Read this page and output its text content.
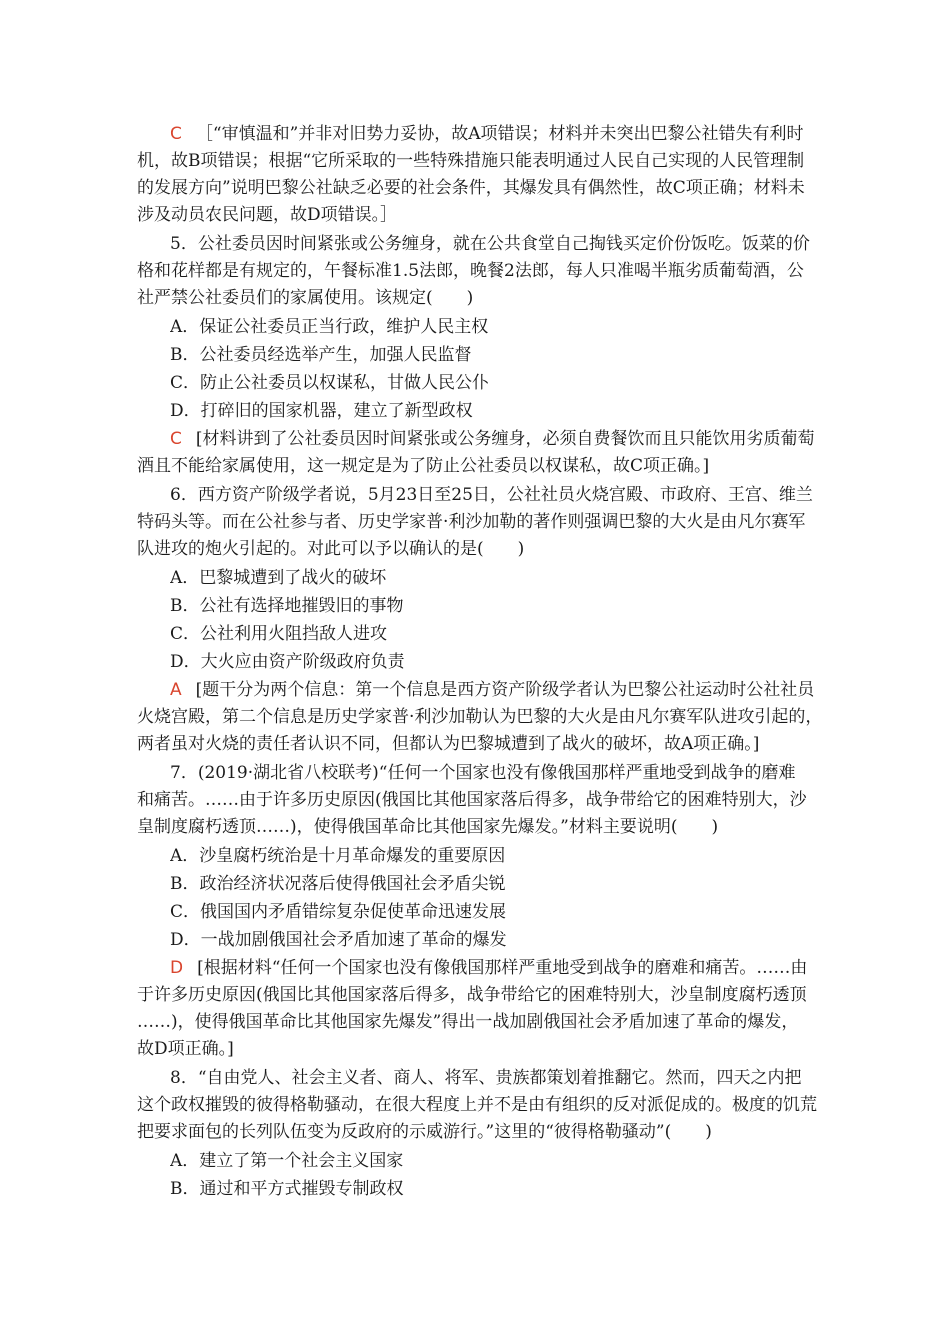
C ［“审慎温和”并非对旧势力妥协，故A项错误；材料并未突出巴黎公社错失有利时
机，故B项错误；根据“它所采取的一些特殊措施只能表明通过人民自己实现的人民管理制
的发展方向”说明巴黎公社缺乏必要的社会条件，其爆发具有偶然性，故C项正确；材料未
涉及动员农民问题，故D项错误。］
5．公社委员因时间紧张或公务缠身，就在公共食堂自己掏钱买定价份饭吃。饭菜的价
格和花样都是有规定的，午餐标准1.5法郎，晚餐2法郎，每人只准喝半瓶劣质葡萄酒，公
社严禁公社委员们的家属使用。该规定(　　)
A．保证公社委员正当行政，维护人民主权
B．公社委员经选举产生，加强人民监督
C．防止公社委员以权谋私，甘做人民公仆
D．打碎旧的国家机器，建立了新型政权
C [材料讲到了公社委员因时间紧张或公务缠身，必须自费餐饮而且只能饮用劣质葡萄
酒且不能给家属使用，这一规定是为了防止公社委员以权谋私，故C项正确。]
6．西方资产阶级学者说，5月23日至25日，公社社员火烧宫殿、市政府、王宫、维兰
特码头等。而在公社参与者、历史学家普·利沙加勒的著作则强调巴黎的大火是由凡尔赛军
队进攻的炮火引起的。对此可以予以确认的是(　　)
A．巴黎城遭到了战火的破坏
B．公社有选择地摧毁旧的事物
C．公社利用火阻挡敌人进攻
D．大火应由资产阶级政府负责
A [题干分为两个信息：第一个信息是西方资产阶级学者认为巴黎公社运动时公社社员
火烧宫殿，第二个信息是历史学家普·利沙加勒认为巴黎的大火是由凡尔赛军队进攻引起的，
两者虽对火烧的责任者认识不同，但都认为巴黎城遭到了战火的破坏，故A项正确。]
7．(2019·湖北省八校联考)“任何一个国家也没有像俄国那样严重地受到战争的磨难
和痛苦。……由于许多历史原因(俄国比其他国家落后得多，战争带给它的困难特别大，沙
皇制度腐朽透顶……)，使得俄国革命比其他国家先爆发。”材料主要说明(　　)
A．沙皇腐朽统治是十月革命爆发的重要原因
B．政治经济状况落后使得俄国社会矛盾尖锐
C．俄国国内矛盾错综复杂促使革命迅速发展
D．一战加剧俄国社会矛盾加速了革命的爆发
D [根据材料“任何一个国家也没有像俄国那样严重地受到战争的磨难和痛苦。……由
于许多历史原因(俄国比其他国家落后得多，战争带给它的困难特别大，沙皇制度腐朽透顶
……)，使得俄国革命比其他国家先爆发”得出一战加剧俄国社会矛盾加速了革命的爆发，
故D项正确。]
8．“自由党人、社会主义者、商人、将军、贵族都策划着推翻它。然而，四天之内把
这个政权摧毁的彼得格勒骚动，在很大程度上并不是由有组织的反对派促成的。极度的饥荒
把要求面包的长列队伍变为反政府的示威游行。”这里的“彼得格勒骚动”(　　)
A．建立了第一个社会主义国家
B．通过和平方式摧毁专制政权
